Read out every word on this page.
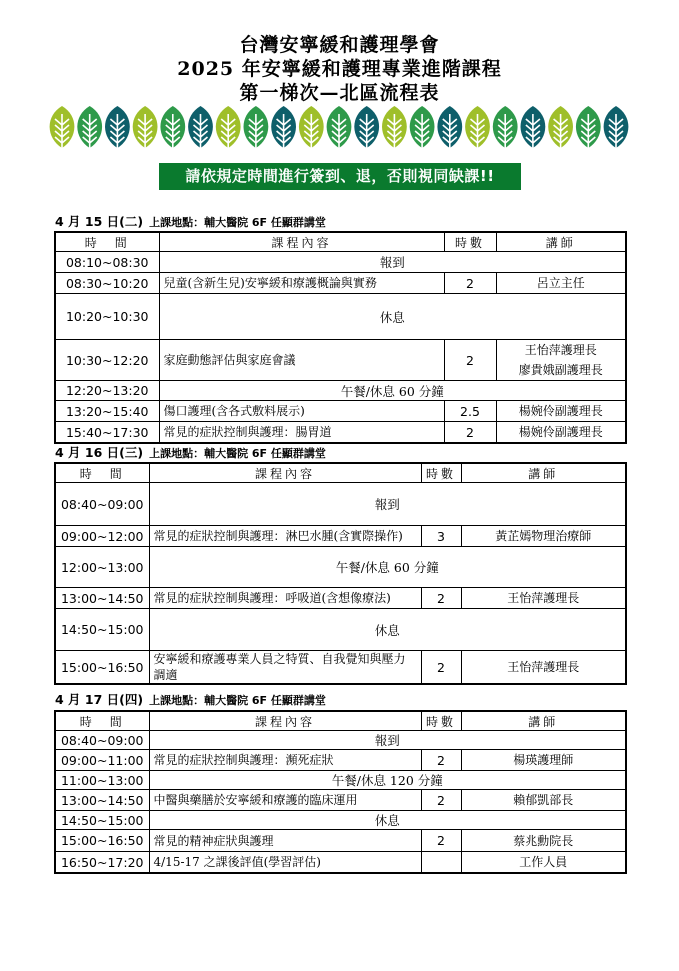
台灣安寧緩和護理學會
2025 年安寧緩和護理專業進階課程
第一梯次—北區流程表
請依規定時間進行簽到、退，否則視同缺課!!
4 月 15 日(二) 上課地點：輔大醫院 6F 任顯群講堂
時　間	課程內容	時數	講師
08:10~08:30	報到		
08:30~10:20	兒童(含新生兒)安寧緩和療護概論與實務	2	呂立主任

10:20~10:30	休息		
10:30~12:20	家庭動態評估與家庭會議	2	王怡萍護理長
廖貴娥副護理長

12:20~13:20	午餐/休息 60 分鐘		
13:20~15:40	傷口護理(含各式敷料展示)	2.5	楊婉伶副護理長

15:40~17:30	常見的症狀控制與護理：腸胃道	2	楊婉伶副護理長
4 月 16 日(三) 上課地點：輔大醫院 6F 任顯群講堂
時　間	課程內容	時數	講師
08:40~09:00	報到		
09:00~12:00	常見的症狀控制與護理：淋巴水腫(含實際操作)	3	黃芷嫣物理治療師

12:00~13:00	午餐/休息 60 分鐘		
13:00~14:50	常見的症狀控制與護理：呼吸道(含想像療法)	2	王怡萍護理長

14:50~15:00	休息		
15:00~16:50	安寧緩和療護專業人員之特質、自我覺知與壓力調適	2	王怡萍護理長
4 月 17 日(四) 上課地點：輔大醫院 6F 任顯群講堂
時　間	課程內容	時數	講師
08:40~09:00	報到		
09:00~11:00	常見的症狀控制與護理：瀕死症狀	2	楊瑛護理師

11:00~13:00	午餐/休息 120 分鐘		
13:00~14:50	中醫與藥膳於安寧緩和療護的臨床運用	2	賴郁凱部長

14:50~15:00	休息		
15:00~16:50	常見的精神症狀與護理	2	蔡兆勳院長

16:50~17:20	4/15-17 之課後評值(學習評估)		工作人員
